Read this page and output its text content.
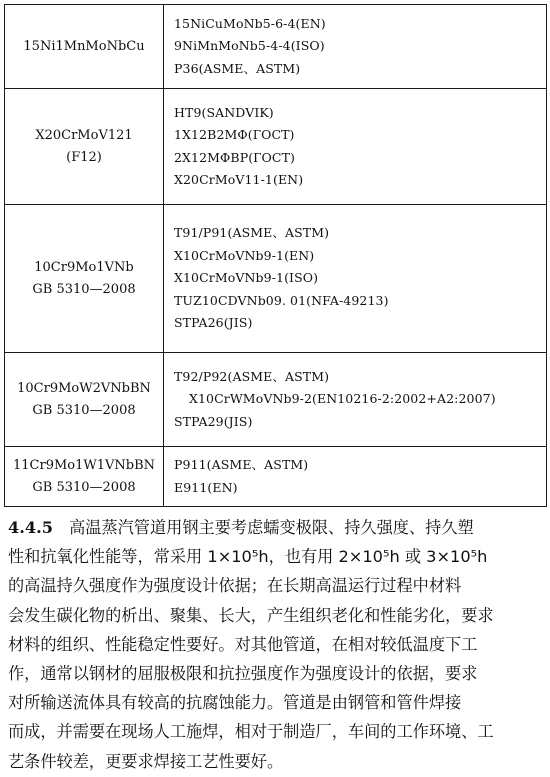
15Ni1MnMoNbCu	15NiCuMoNb5-6-4(EN)
9NiMnMoNb5-4-4(ISO)
P36(ASME、ASTM)

X20CrMoV121
(F12)	HT9(SANDVIK)
1X12B2MΦ(ГOCT)
2X12MΦBP(ГOCT)
X20CrMoV11-1(EN)

10Cr9Mo1VNb
GB 5310—2008	T91/P91(ASME、ASTM)
X10CrMoVNb9-1(EN)
X10CrMoVNb9-1(ISO)
TUZ10CDVNb09. 01(NFA-49213)
STPA26(JIS)

10Cr9MoW2VNbBN
GB 5310—2008	T92/P92(ASME、ASTM)
X10CrWMoVNb9-2(EN10216-2:2002+A2:2007)
STPA29(JIS)

11Cr9Mo1W1VNbBN
GB 5310—2008	P911(ASME、ASTM)
E911(EN)
4.4.5 高温蒸汽管道用钢主要考虑蠕变极限、持久强度、持久塑
性和抗氧化性能等，常采用 1×10⁵h，也有用 2×10⁵h 或 3×10⁵h
的高温持久强度作为强度设计依据；在长期高温运行过程中材料
会发生碳化物的析出、聚集、长大，产生组织老化和性能劣化，要求
材料的组织、性能稳定性要好。对其他管道，在相对较低温度下工
作，通常以钢材的屈服极限和抗拉强度作为强度设计的依据，要求
对所输送流体具有较高的抗腐蚀能力。管道是由钢管和管件焊接
而成，并需要在现场人工施焊，相对于制造厂，车间的工作环境、工
艺条件较差，更要求焊接工艺性要好。
